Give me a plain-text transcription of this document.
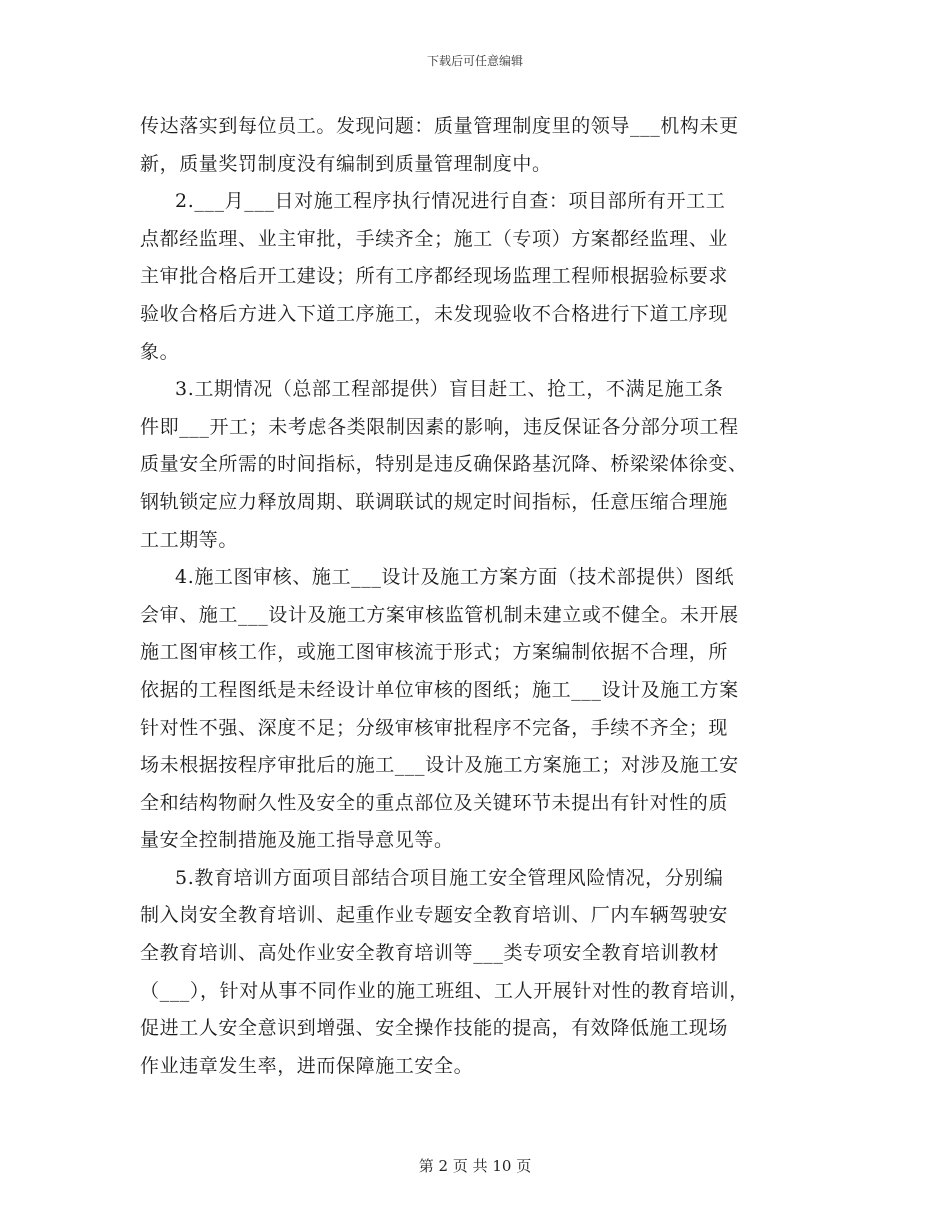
下载后可任意编辑
传达落实到每位员工。发现问题：质量管理制度里的领导___机构未更
新，质量奖罚制度没有编制到质量管理制度中。
2.___月___日对施工程序执行情况进行自查：项目部所有开工工
点都经监理、业主审批，手续齐全；施工（专项）方案都经监理、业
主审批合格后开工建设；所有工序都经现场监理工程师根据验标要求
验收合格后方进入下道工序施工，未发现验收不合格进行下道工序现
象。
3.工期情况（总部工程部提供）盲目赶工、抢工，不满足施工条
件即___开工；未考虑各类限制因素的影响，违反保证各分部分项工程
质量安全所需的时间指标，特别是违反确保路基沉降、桥梁梁体徐变、
钢轨锁定应力释放周期、联调联试的规定时间指标，任意压缩合理施
工工期等。
4.施工图审核、施工___设计及施工方案方面（技术部提供）图纸
会审、施工___设计及施工方案审核监管机制未建立或不健全。未开展
施工图审核工作，或施工图审核流于形式；方案编制依据不合理，所
依据的工程图纸是未经设计单位审核的图纸；施工___设计及施工方案
针对性不强、深度不足；分级审核审批程序不完备，手续不齐全；现
场未根据按程序审批后的施工___设计及施工方案施工；对涉及施工安
全和结构物耐久性及安全的重点部位及关键环节未提出有针对性的质
量安全控制措施及施工指导意见等。
5.教育培训方面项目部结合项目施工安全管理风险情况，分别编
制入岗安全教育培训、起重作业专题安全教育培训、厂内车辆驾驶安
全教育培训、高处作业安全教育培训等___类专项安全教育培训教材
（___），针对从事不同作业的施工班组、工人开展针对性的教育培训，
促进工人安全意识到增强、安全操作技能的提高，有效降低施工现场
作业违章发生率，进而保障施工安全。
第 2 页 共 10 页
